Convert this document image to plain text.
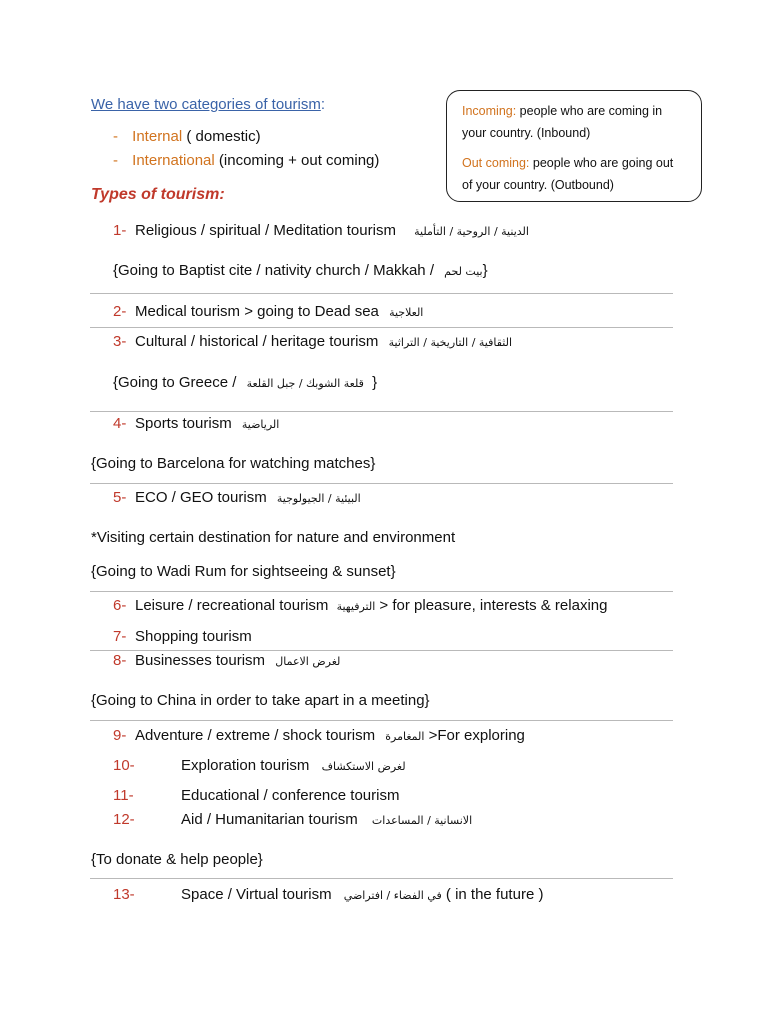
We have two categories of tourism:
- Internal ( domestic)
- International (incoming + out coming)

Incoming: people who are coming in your country. (Inbound)

Out coming: people who are going out of your country. (Outbound)

Types of tourism:
1- Religious / spiritual / Meditation tourism الدينية / الروحية / التأملية
{Going to Baptist cite / nativity church / Makkah / بيت لحم}
2- Medical tourism > going to Dead sea العلاجية
3- Cultural / historical / heritage tourism الثقافية / التاريخية / التراثية
{Going to Greece / قلعة الشوبك / جبل القلعة }
4- Sports tourism الرياضية
{Going to Barcelona for watching matches}
5- ECO / GEO tourism البيئية / الجيولوجية
*Visiting certain destination for nature and environment
{Going to Wadi Rum for sightseeing & sunset}
6- Leisure / recreational tourism الترفيهية > for pleasure, interests & relaxing
7- Shopping tourism
8- Businesses tourism لغرض الاعمال
{Going to China in order to take apart in a meeting}
9- Adventure / extreme / shock tourism المغامرة >For exploring
10-	Exploration tourism لغرض الاستكشاف
11-	Educational / conference tourism
12-	Aid / Humanitarian tourism الانسانية / المساعدات
{To donate & help people}
13-	Space / Virtual tourism في الفضاء / افتراضي ( in the future )
